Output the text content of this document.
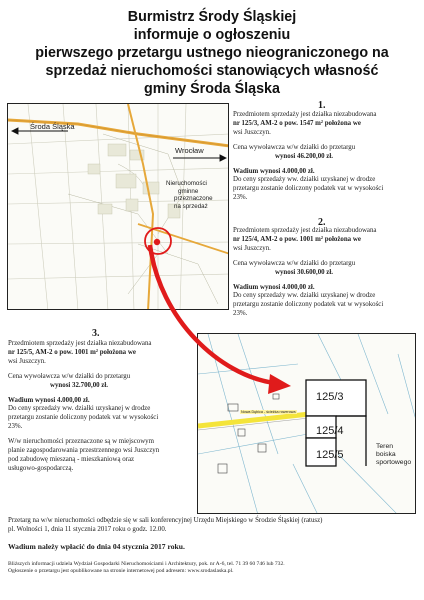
Burmistrz Środy Śląskiej
informuje o ogłoszeniu
pierwszego przetargu ustnego nieograniczonego na
sprzedaż nieruchomości stanowiących własność
gminy Środa Śląska
Środa Śląska
Wrocław
Nieruchomości
gminne
przeznaczone
na sprzedaż
125/3
125/4
125/5
Nowa Dębica - ścieżka rowerowa
Teren
boiska
sportowego
1.
Przedmiotem sprzedaży jest działka niezabudowana
nr 125/3, AM-2 o pow. 1547 m² położona we
wsi Juszczyn.
Cena wywoławcza w/w działki do przetargu
wynosi 46.200,00 zł.
Wadium wynosi 4.000,00 zł.
Do ceny sprzedaży ww. działki uzyskanej w drodze
przetargu zostanie doliczony podatek vat w wysokości
23%.
2.
Przedmiotem sprzedaży jest działka niezabudowana
nr 125/4, AM-2 o pow. 1001 m² położona we
wsi Juszczyn.
Cena wywoławcza w/w działki do przetargu
wynosi 30.600,00 zł.
Wadium wynosi 4.000,00 zł.
Do ceny sprzedaży ww. działki uzyskanej w drodze
przetargu zostanie doliczony podatek vat w wysokości
23%.
3.
Przedmiotem sprzedaży jest działka niezabudowana
nr 125/5, AM-2 o pow. 1001 m² położona we
wsi Juszczyn.
Cena wywoławcza w/w działki do przetargu
wynosi 32.700,00 zł.
Wadium wynosi 4.000,00 zł.
Do ceny sprzedaży ww. działki uzyskanej w drodze
przetargu zostanie doliczony podatek vat w wysokości
23%.
W/w nieruchomości przeznaczone są w miejscowym
planie zagospodarowania przestrzennego wsi Juszczyn
pod zabudowę mieszaną - mieszkaniową oraz
usługowo-gospodarczą.
Przetarg na w/w nieruchomości odbędzie się w sali konferencyjnej Urzędu Miejskiego w Środzie Śląskiej (ratusz)
pl. Wolności 1, dnia 11 stycznia 2017 roku o godz. 12.00.
Wadium należy wpłacić do dnia 04 stycznia 2017 roku.
Bliższych informacji udziela Wydział Gospodarki Nieruchomościami i Architektury, pok. nr A-6, tel. 71 39 60 746 lub 732.
Ogłoszenie o przetargu jest opublikowane na stronie internetowej pod adresem: www.srodaslaska.pl.
